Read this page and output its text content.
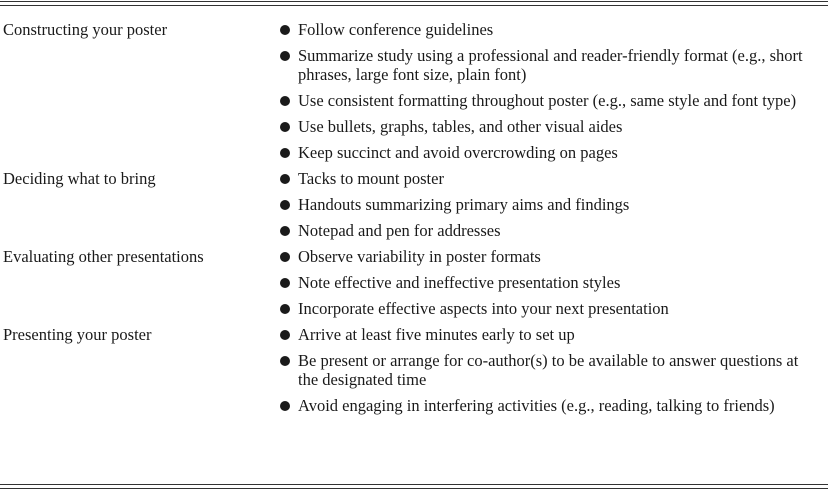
Constructing your poster	Follow conference guidelines
Summarize study using a professional and reader-friendly format (e.g., short phrases, large font size, plain font)
Use consistent formatting throughout poster (e.g., same style and font type)
Use bullets, graphs, tables, and other visual aides
Keep succinct and avoid overcrowding on pages
Deciding what to bring	Tacks to mount poster
Handouts summarizing primary aims and findings
Notepad and pen for addresses
Evaluating other presentations	Observe variability in poster formats
Note effective and ineffective presentation styles
Incorporate effective aspects into your next presentation
Presenting your poster	Arrive at least five minutes early to set up
Be present or arrange for co-author(s) to be available to answer questions at the designated time
Avoid engaging in interfering activities (e.g., reading, talking to friends)
